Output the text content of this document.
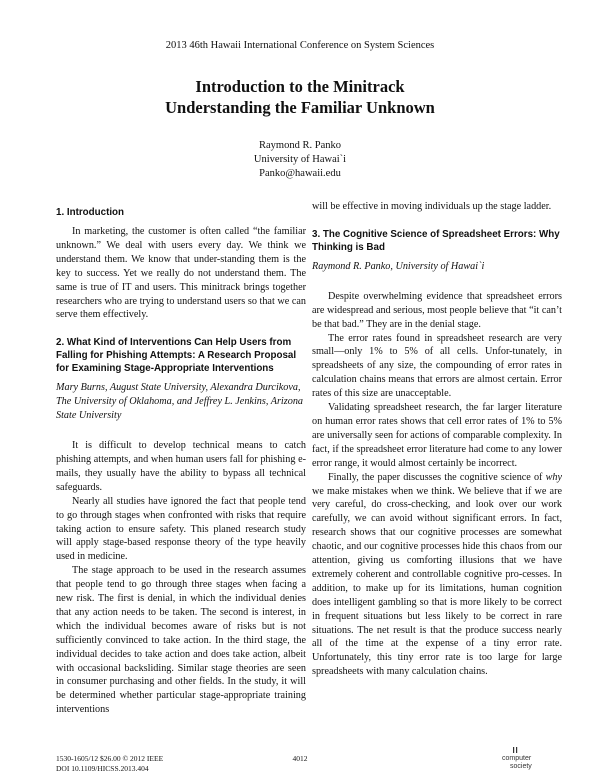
2013 46th Hawaii International Conference on System Sciences
Introduction to the Minitrack
Understanding the Familiar Unknown
Raymond R. Panko
University of Hawai`i
Panko@hawaii.edu
1. Introduction

In marketing, the customer is often called “the familiar unknown.” We deal with users every day. We think we understand them. We know that under-standing them is the key to success. Yet we really do not understand them. The same is true of IT and users. This minitrack brings together researchers who are trying to understand users so that we can serve them effectively.

2. What Kind of Interventions Can Help Users from Falling for Phishing Attempts: A Research Proposal for Examining Stage-Appropriate Interventions
Mary Burns, August State University, Alexandra Durcikova, The University of Oklahoma, and Jeffrey L. Jenkins, Arizona State University

It is difficult to develop technical means to catch phishing attempts, and when human users fall for phishing e-mails, they usually have the ability to bypass all technical safeguards.

Nearly all studies have ignored the fact that people tend to go through stages when confronted with risks that require taking action to ensure safety. This planed research study will apply stage-based response theory of the type heavily used in medicine.

The stage approach to be used in the research assumes that people tend to go through three stages when facing a new risk. The first is denial, in which the individual denies that any action needs to be taken. The second is interest, in which the individual becomes aware of risks but is not sufficiently convinced to take action. In the third stage, the individual decides to take action and does take action, albeit with occasional backsliding. Similar stage theories are seen in consumer purchasing and other fields. In the study, it will be determined whether particular stage-appropriate training interventions

will be effective in moving individuals up the stage ladder.

3. The Cognitive Science of Spreadsheet Errors: Why Thinking is Bad
Raymond R. Panko, University of Hawai`i

Despite overwhelming evidence that spreadsheet errors are widespread and serious, most people believe that “it can’t be that bad.” They are in the denial stage.

The error rates found in spreadsheet research are very small—only 1% to 5% of all cells. Unfor-tunately, in spreadsheets of any size, the compounding of error rates in calculation chains means that errors are almost certain. Error rates of this size are unacceptable.

Validating spreadsheet research, the far larger literature on human error rates shows that cell error rates of 1% to 5% are universally seen for actions of comparable complexity. In fact, if the spreadsheet error literature had come to any lower error range, it would almost certainly be incorrect.

Finally, the paper discusses the cognitive science of why we make mistakes when we think. We believe that if we are very careful, do cross-checking, and look over our work carefully, we can avoid without significant errors. In fact, research shows that our cognitive processes are somewhat chaotic, and our cognitive processes hide this chaos from our attention, giving us comforting illusions that we have extremely coherent and controllable cognitive pro-cesses. In addition, to make up for its limitations, human cognition does intelligent gambling so that is more likely to be correct in frequent situations but less likely to be correct in rare situations. The net result is that the produce success nearly all of the time at the expense of a tiny error rate. Unfortunately, this tiny error rate is too large for large spreadsheets with many calculation chains.

1530-1605/12 $26.00 © 2012 IEEE
DOI 10.1109/HICSS.2013.404
4012	computer
society
